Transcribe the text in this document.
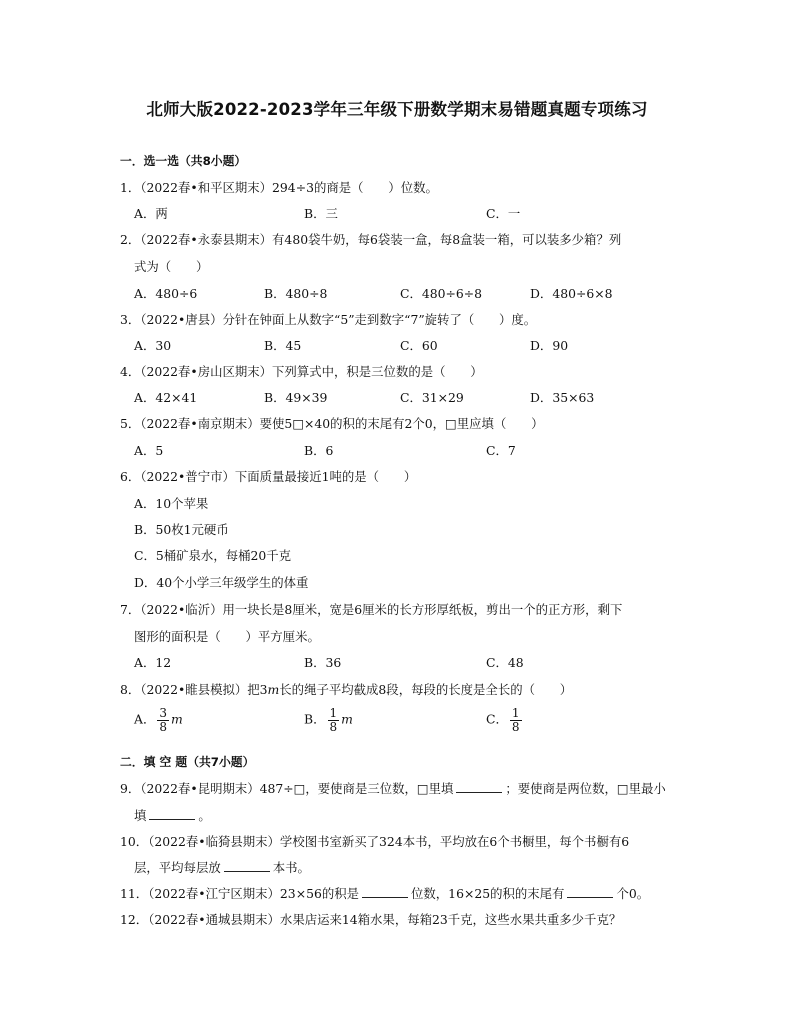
北师大版2022-2023学年三年级下册数学期末易错题真题专项练习
一．选一选（共8小题）
1．（2022春•和平区期末）294÷3的商是（　　）位数。
A．两	B．三	C．一
2．（2022春•永泰县期末）有480袋牛奶，每6袋装一盒，每8盒装一箱，可以装多少箱？列
式为（　　）
A．480÷6	B．480÷8	C．480÷6÷8	D．480÷6×8
3．（2022•唐县）分针在钟面上从数字“5”走到数字“7”旋转了（　　）度。
A．30	B．45	C．60	D．90
4．（2022春•房山区期末）下列算式中，积是三位数的是（　　）
A．42×41	B．49×39	C．31×29	D．35×63
5．（2022春•南京期末）要使5□×40的积的末尾有2个0，□里应填（　　）
A．5	B．6	C．7
6．（2022•普宁市）下面质量最接近1吨的是（　　）
A．10个苹果
B．50枚1元硬币
C．5桶矿泉水，每桶20千克
D．40个小学三年级学生的体重
7．（2022•临沂）用一块长是8厘米，宽是6厘米的长方形厚纸板，剪出一个的正方形，剩下
图形的面积是（　　）平方厘米。
A．12	B．36	C．48
8．（2022•睢县模拟）把3m长的绳子平均截成8段，每段的长度是全长的（　　）
A． $\frac{3}{8}$ m	B． $\frac{1}{8}$ m	C． $\frac{1}{8}$
二．填 空 题（共7小题）
9．（2022春•昆明期末）487÷□，要使商是三位数，□里填	；要使商是两位数，□里最小
填	。
10．（2022春•临猗县期末）学校图书室新买了324本书，平均放在6个书橱里，每个书橱有6
层，平均每层放	本书。
11．（2022春•江宁区期末）23×56的积是	位数，16×25的积的末尾有	个0。
12．（2022春•通城县期末）水果店运来14箱水果，每箱23千克，这些水果共重多少千克？
